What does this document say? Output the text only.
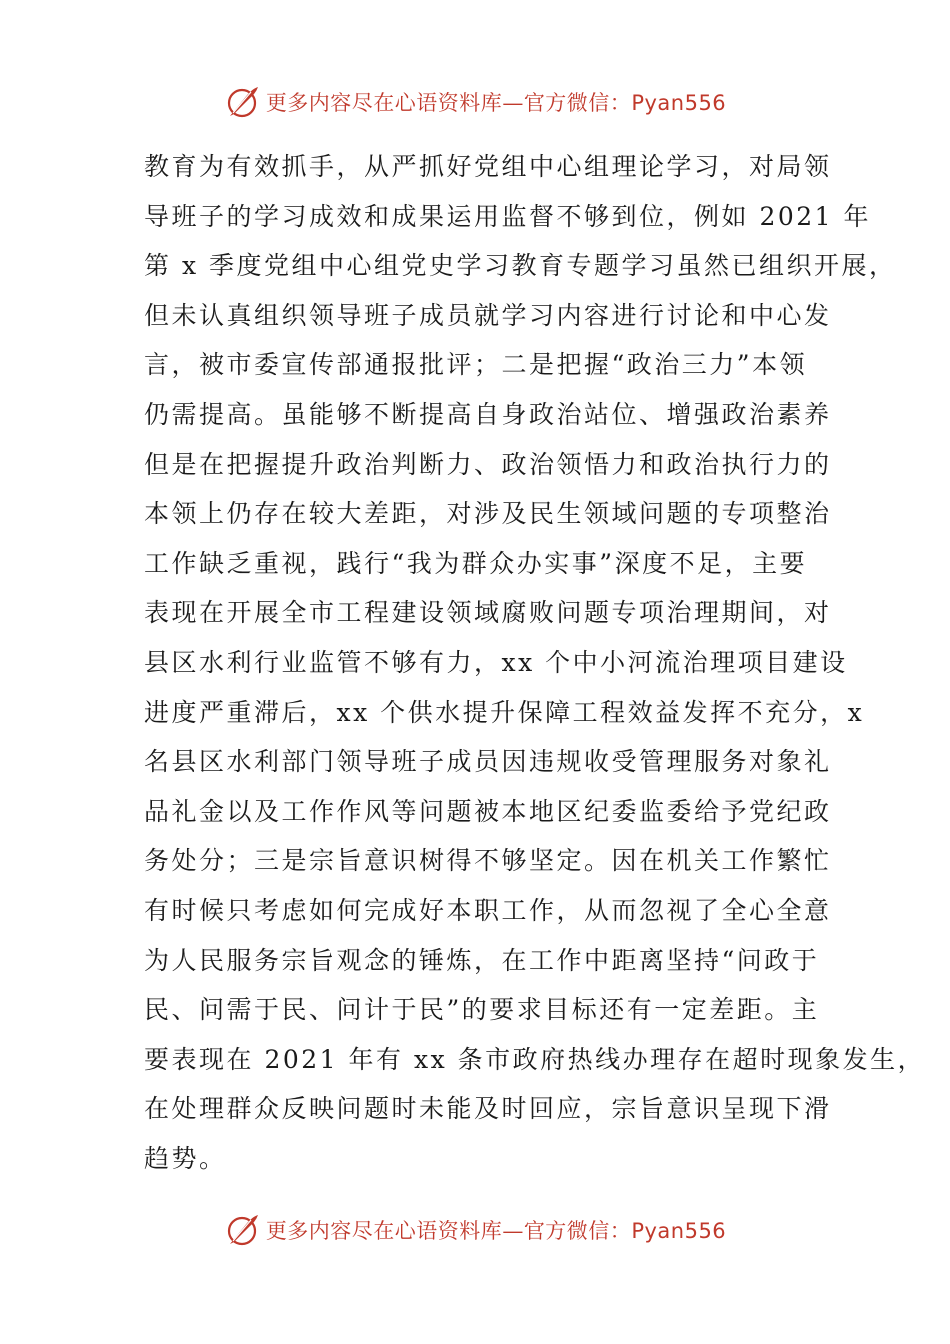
更多内容尽在心语资料库—官方微信：Pyan556
教育为有效抓手，从严抓好党组中心组理论学习，对局领
导班子的学习成效和成果运用监督不够到位，例如 2021 年
第 x 季度党组中心组党史学习教育专题学习虽然已组织开展，
但未认真组织领导班子成员就学习内容进行讨论和中心发
言，被市委宣传部通报批评；二是把握“政治三力”本领
仍需提高。虽能够不断提高自身政治站位、增强政治素养
但是在把握提升政治判断力、政治领悟力和政治执行力的
本领上仍存在较大差距，对涉及民生领域问题的专项整治
工作缺乏重视，践行“我为群众办实事”深度不足，主要
表现在开展全市工程建设领域腐败问题专项治理期间，对
县区水利行业监管不够有力，xx 个中小河流治理项目建设
进度严重滞后，xx 个供水提升保障工程效益发挥不充分，x
名县区水利部门领导班子成员因违规收受管理服务对象礼
品礼金以及工作作风等问题被本地区纪委监委给予党纪政
务处分；三是宗旨意识树得不够坚定。因在机关工作繁忙
有时候只考虑如何完成好本职工作，从而忽视了全心全意
为人民服务宗旨观念的锤炼，在工作中距离坚持“问政于
民、问需于民、问计于民”的要求目标还有一定差距。主
要表现在 2021 年有 xx 条市政府热线办理存在超时现象发生，
在处理群众反映问题时未能及时回应，宗旨意识呈现下滑
趋势。
更多内容尽在心语资料库—官方微信：Pyan556
